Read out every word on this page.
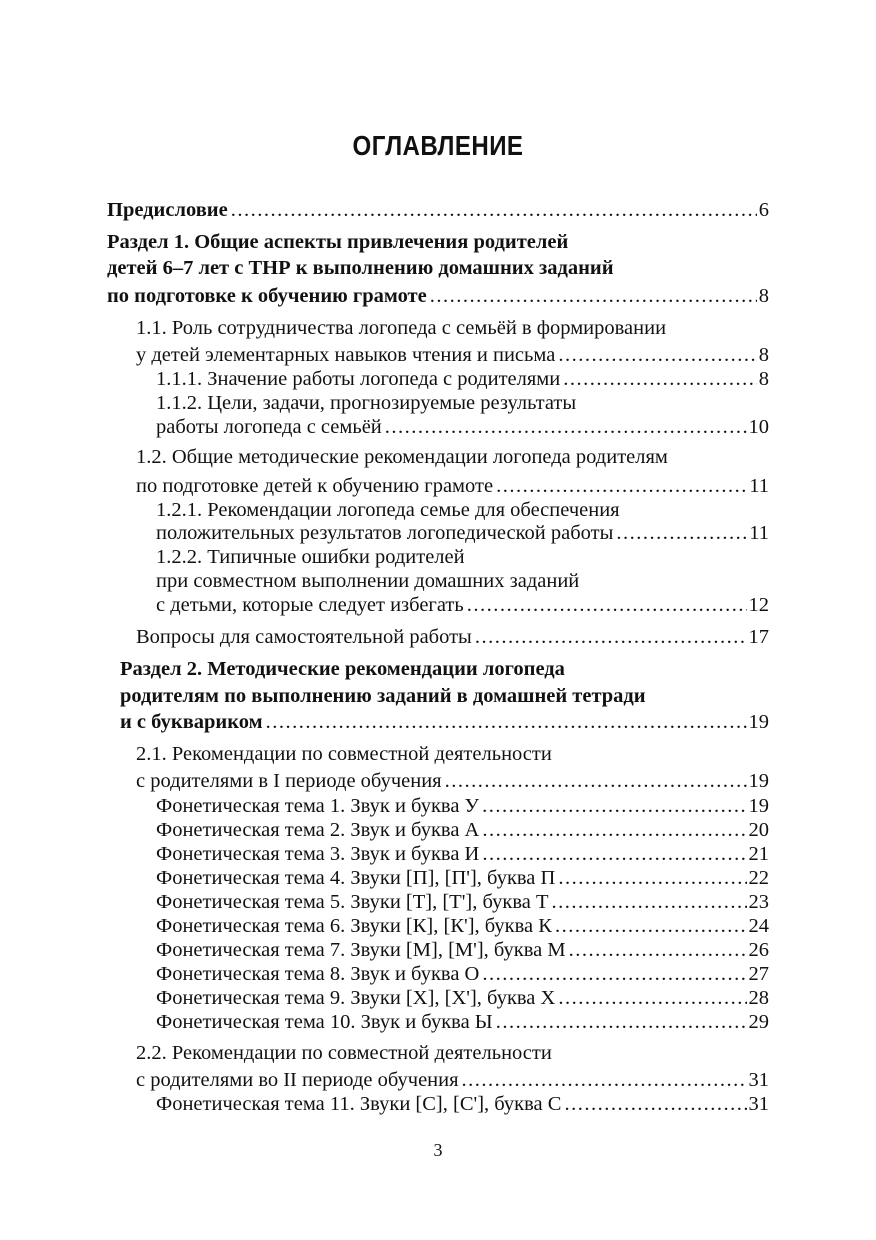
ОГЛАВЛЕНИЕ
Предисловие .....	6
Раздел 1. Общие аспекты привлечения родителей
детей 6–7 лет с ТНР к выполнению домашних заданий
по подготовке к обучению грамоте .....	8
1.1. Роль сотрудничества логопеда с семьёй в формировании
у детей элементарных навыков чтения и письма .....	8
1.1.1. Значение работы логопеда с родителями .....	8
1.1.2. Цели, задачи, прогнозируемые результаты
работы логопеда с семьёй .....	10
1.2. Общие методические рекомендации логопеда родителям
по подготовке детей к обучению грамоте .....	11
1.2.1. Рекомендации логопеда семье для обеспечения
положительных результатов логопедической работы .....	11
1.2.2. Типичные ошибки родителей
при совместном выполнении домашних заданий
с детьми, которые следует избегать .....	12
Вопросы для самостоятельной работы .....	17
Раздел 2. Методические рекомендации логопеда
родителям по выполнению заданий в домашней тетради
и с буквариком .....	19
2.1. Рекомендации по совместной деятельности
с родителями в I периоде обучения .....	19
Фонетическая тема 1. Звук и буква У .....	19
Фонетическая тема 2. Звук и буква А .....	20
Фонетическая тема 3. Звук и буква И .....	21
Фонетическая тема 4. Звуки [П], [П'], буква П .....	22
Фонетическая тема 5. Звуки [Т], [Т'], буква Т .....	23
Фонетическая тема 6. Звуки [К], [К'], буква К .....	24
Фонетическая тема 7. Звуки [М], [М'], буква М .....	26
Фонетическая тема 8. Звук и буква О .....	27
Фонетическая тема 9. Звуки [Х], [Х'], буква Х .....	28
Фонетическая тема 10. Звук и буква Ы .....	29
2.2. Рекомендации по совместной деятельности
с родителями во II периоде обучения .....	31
Фонетическая тема 11. Звуки [С], [С'], буква С .....	31
3
